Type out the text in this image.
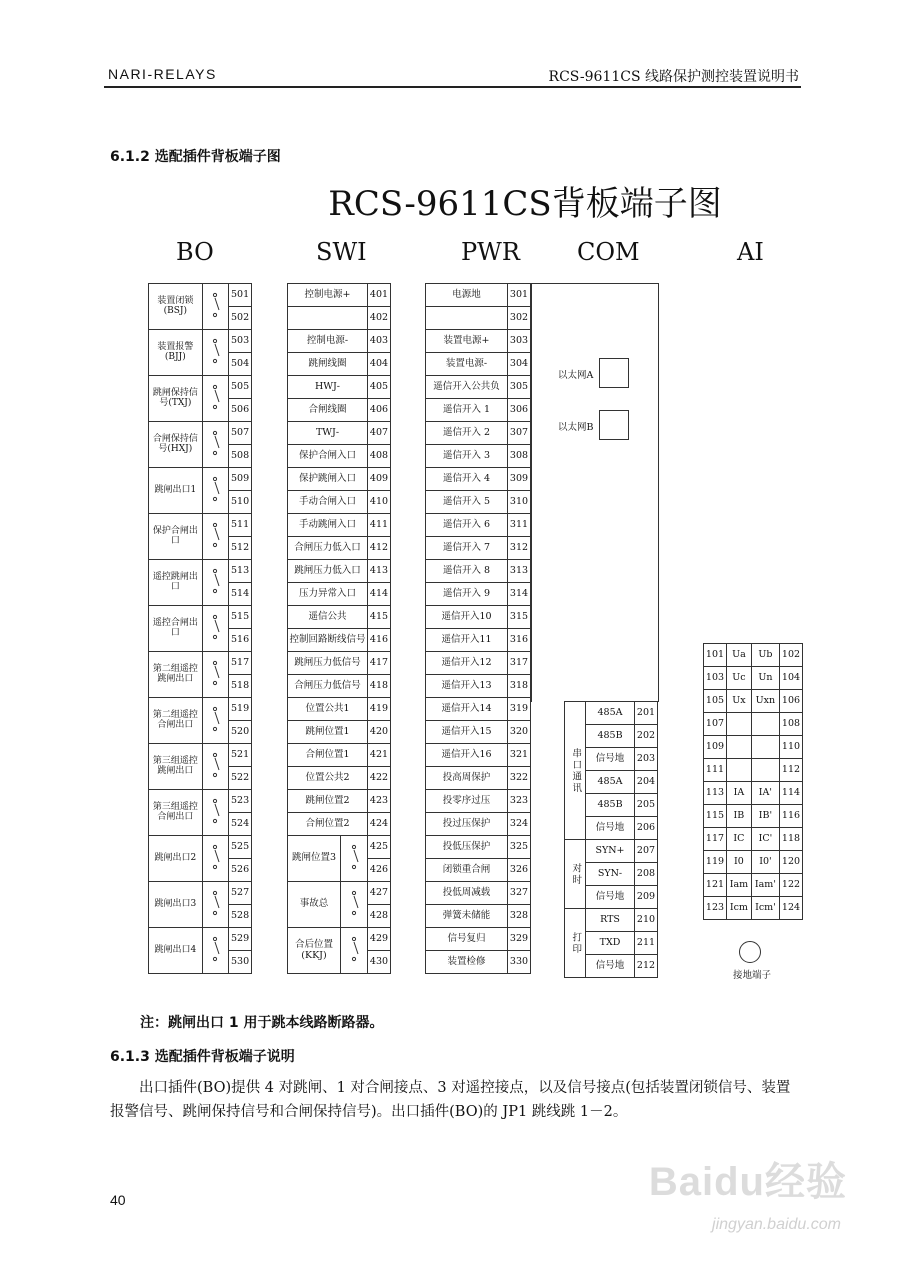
NARI-RELAYS	RCS-9611CS 线路保护测控装置说明书
6.1.2 选配插件背板端子图
RCS-9611CS背板端子图
BO	SWI	PWR COM	AI
装置闭锁(BSJ)		501
		502
装置报警(BJJ)		503
		504
跳闸保持信号(TXJ)		505
		506
合闸保持信号(HXJ)		507
		508
跳闸出口1		509
		510
保护合闸出口		511
		512
遥控跳闸出口		513
		514
遥控合闸出口		515
		516
第二组遥控跳闸出口		517
		518
第二组遥控合闸出口		519
		520
第三组遥控跳闸出口		521
		522
第三组遥控合闸出口		523
		524
跳闸出口2		525
		526
跳闸出口3		527
		528
跳闸出口4		529
		530
控制电源+		401
		402
控制电源-		403
跳闸线圈		404
HWJ-		405
合闸线圈		406
TWJ-		407
保护合闸入口		408
保护跳闸入口		409
手动合闸入口		410
手动跳闸入口		411
合闸压力低入口		412
跳闸压力低入口		413
压力异常入口		414
遥信公共		415
控制回路断线信号		416
跳闸压力低信号		417
合闸压力低信号		418
位置公共1		419
跳闸位置1		420
合闸位置1		421
位置公共2		422
跳闸位置2		423
合闸位置2		424
跳闸位置3		425
		426
事故总		427
		428
合后位置(KKJ)		429
		430
电源地	301
	302
装置电源+	303
装置电源-	304
遥信开入公共负	305
遥信开入 1	306
遥信开入 2	307
遥信开入 3	308
遥信开入 4	309
遥信开入 5	310
遥信开入 6	311
遥信开入 7	312
遥信开入 8	313
遥信开入 9	314
遥信开入10	315
遥信开入11	316
遥信开入12	317
遥信开入13	318
遥信开入14	319
遥信开入15	320
遥信开入16	321
投高周保护	322
投零序过压	323
投过压保护	324
投低压保护	325
闭锁重合闸	326
投低周减载	327
弹簧未储能	328
信号复归	329
装置检修	330
以太网A
以太网B
串口通讯	485A	201
	485B	202
	信号地	203
	485A	204
	485B	205
	信号地	206
对时	SYN+	207
	SYN-	208
	信号地	209
打印	RTS	210
	TXD	211
	信号地	212
101	Ua	Ub	102
103	Uc	Un	104
105	Ux	Uxn	106
107			108
109			110
111			112
113	IA	IA'	114
115	IB	IB'	116
117	IC	IC'	118
119	I0	I0'	120
121	Iam	Iam'	122
123	Icm	Icm'	124
接地端子
注：跳闸出口 1 用于跳本线路断路器。
6.1.3 选配插件背板端子说明
出口插件(BO)提供 4 对跳闸、1 对合闸接点、3 对遥控接点，以及信号接点(包括装置闭锁信号、装置报警信号、跳闸保持信号和合闸保持信号)。出口插件(BO)的 JP1 跳线跳 1－2。
40	Baidu经验
jingyan.baidu.com
